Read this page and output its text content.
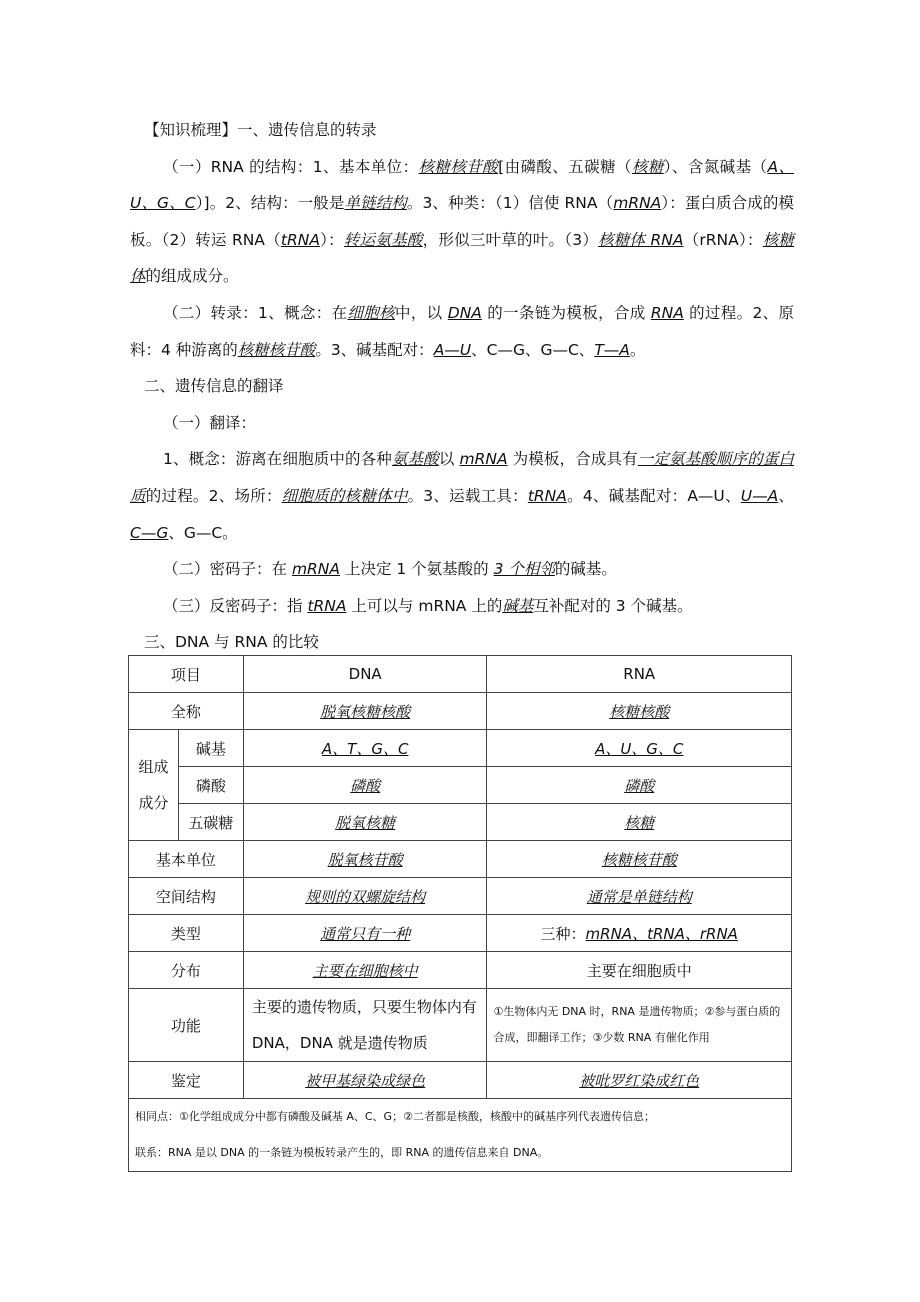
【知识梳理】一、遗传信息的转录

（一）RNA 的结构：1、基本单位：核糖核苷酸[由磷酸、五碳糖（核糖）、含氮碱基（A、U、G、C）]。2、结构：一般是单链结构。3、种类：（1）信使 RNA（mRNA）：蛋白质合成的模板。（2）转运 RNA（tRNA）：转运氨基酸，形似三叶草的叶。（3）核糖体 RNA（rRNA）：核糖体的组成成分。

（二）转录：1、概念：在细胞核中，以 DNA 的一条链为模板，合成 RNA 的过程。2、原料：4 种游离的核糖核苷酸。3、碱基配对：A—U、C—G、G—C、T—A。

二、遗传信息的翻译

（一）翻译：

1、概念：游离在细胞质中的各种氨基酸以 mRNA 为模板，合成具有一定氨基酸顺序的蛋白质的过程。2、场所：细胞质的核糖体中。3、运载工具：tRNA。4、碱基配对：A—U、U—A、C—G、G—C。

（二）密码子：在 mRNA 上决定 1 个氨基酸的 3 个相邻的碱基。

（三）反密码子：指 tRNA 上可以与 mRNA 上的碱基互补配对的 3 个碱基。

三、DNA 与 RNA 的比较

项目		DNA	RNA
全称		脱氧核糖核酸	核糖核酸
组成成分	碱基	A、T、G、C	A、U、G、C
	磷酸	磷酸	磷酸
	五碳糖	脱氧核糖	核糖
基本单位		脱氧核苷酸	核糖核苷酸
空间结构		规则的双螺旋结构	通常是单链结构
类型		通常只有一种	三种：mRNA、tRNA、rRNA
分布		主要在细胞核中	主要在细胞质中
功能		主要的遗传物质，只要生物体内有 DNA，DNA 就是遗传物质	①生物体内无 DNA 时，RNA 是遗传物质；②参与蛋白质的合成，即翻译工作；③少数 RNA 有催化作用
鉴定		被甲基绿染成绿色	被吡罗红染成红色

相同点：①化学组成成分中都有磷酸及碱基 A、C、G；②二者都是核酸，核酸中的碱基序列代表遗传信息；
联系：RNA 是以 DNA 的一条链为模板转录产生的，即 RNA 的遗传信息来自 DNA。			
